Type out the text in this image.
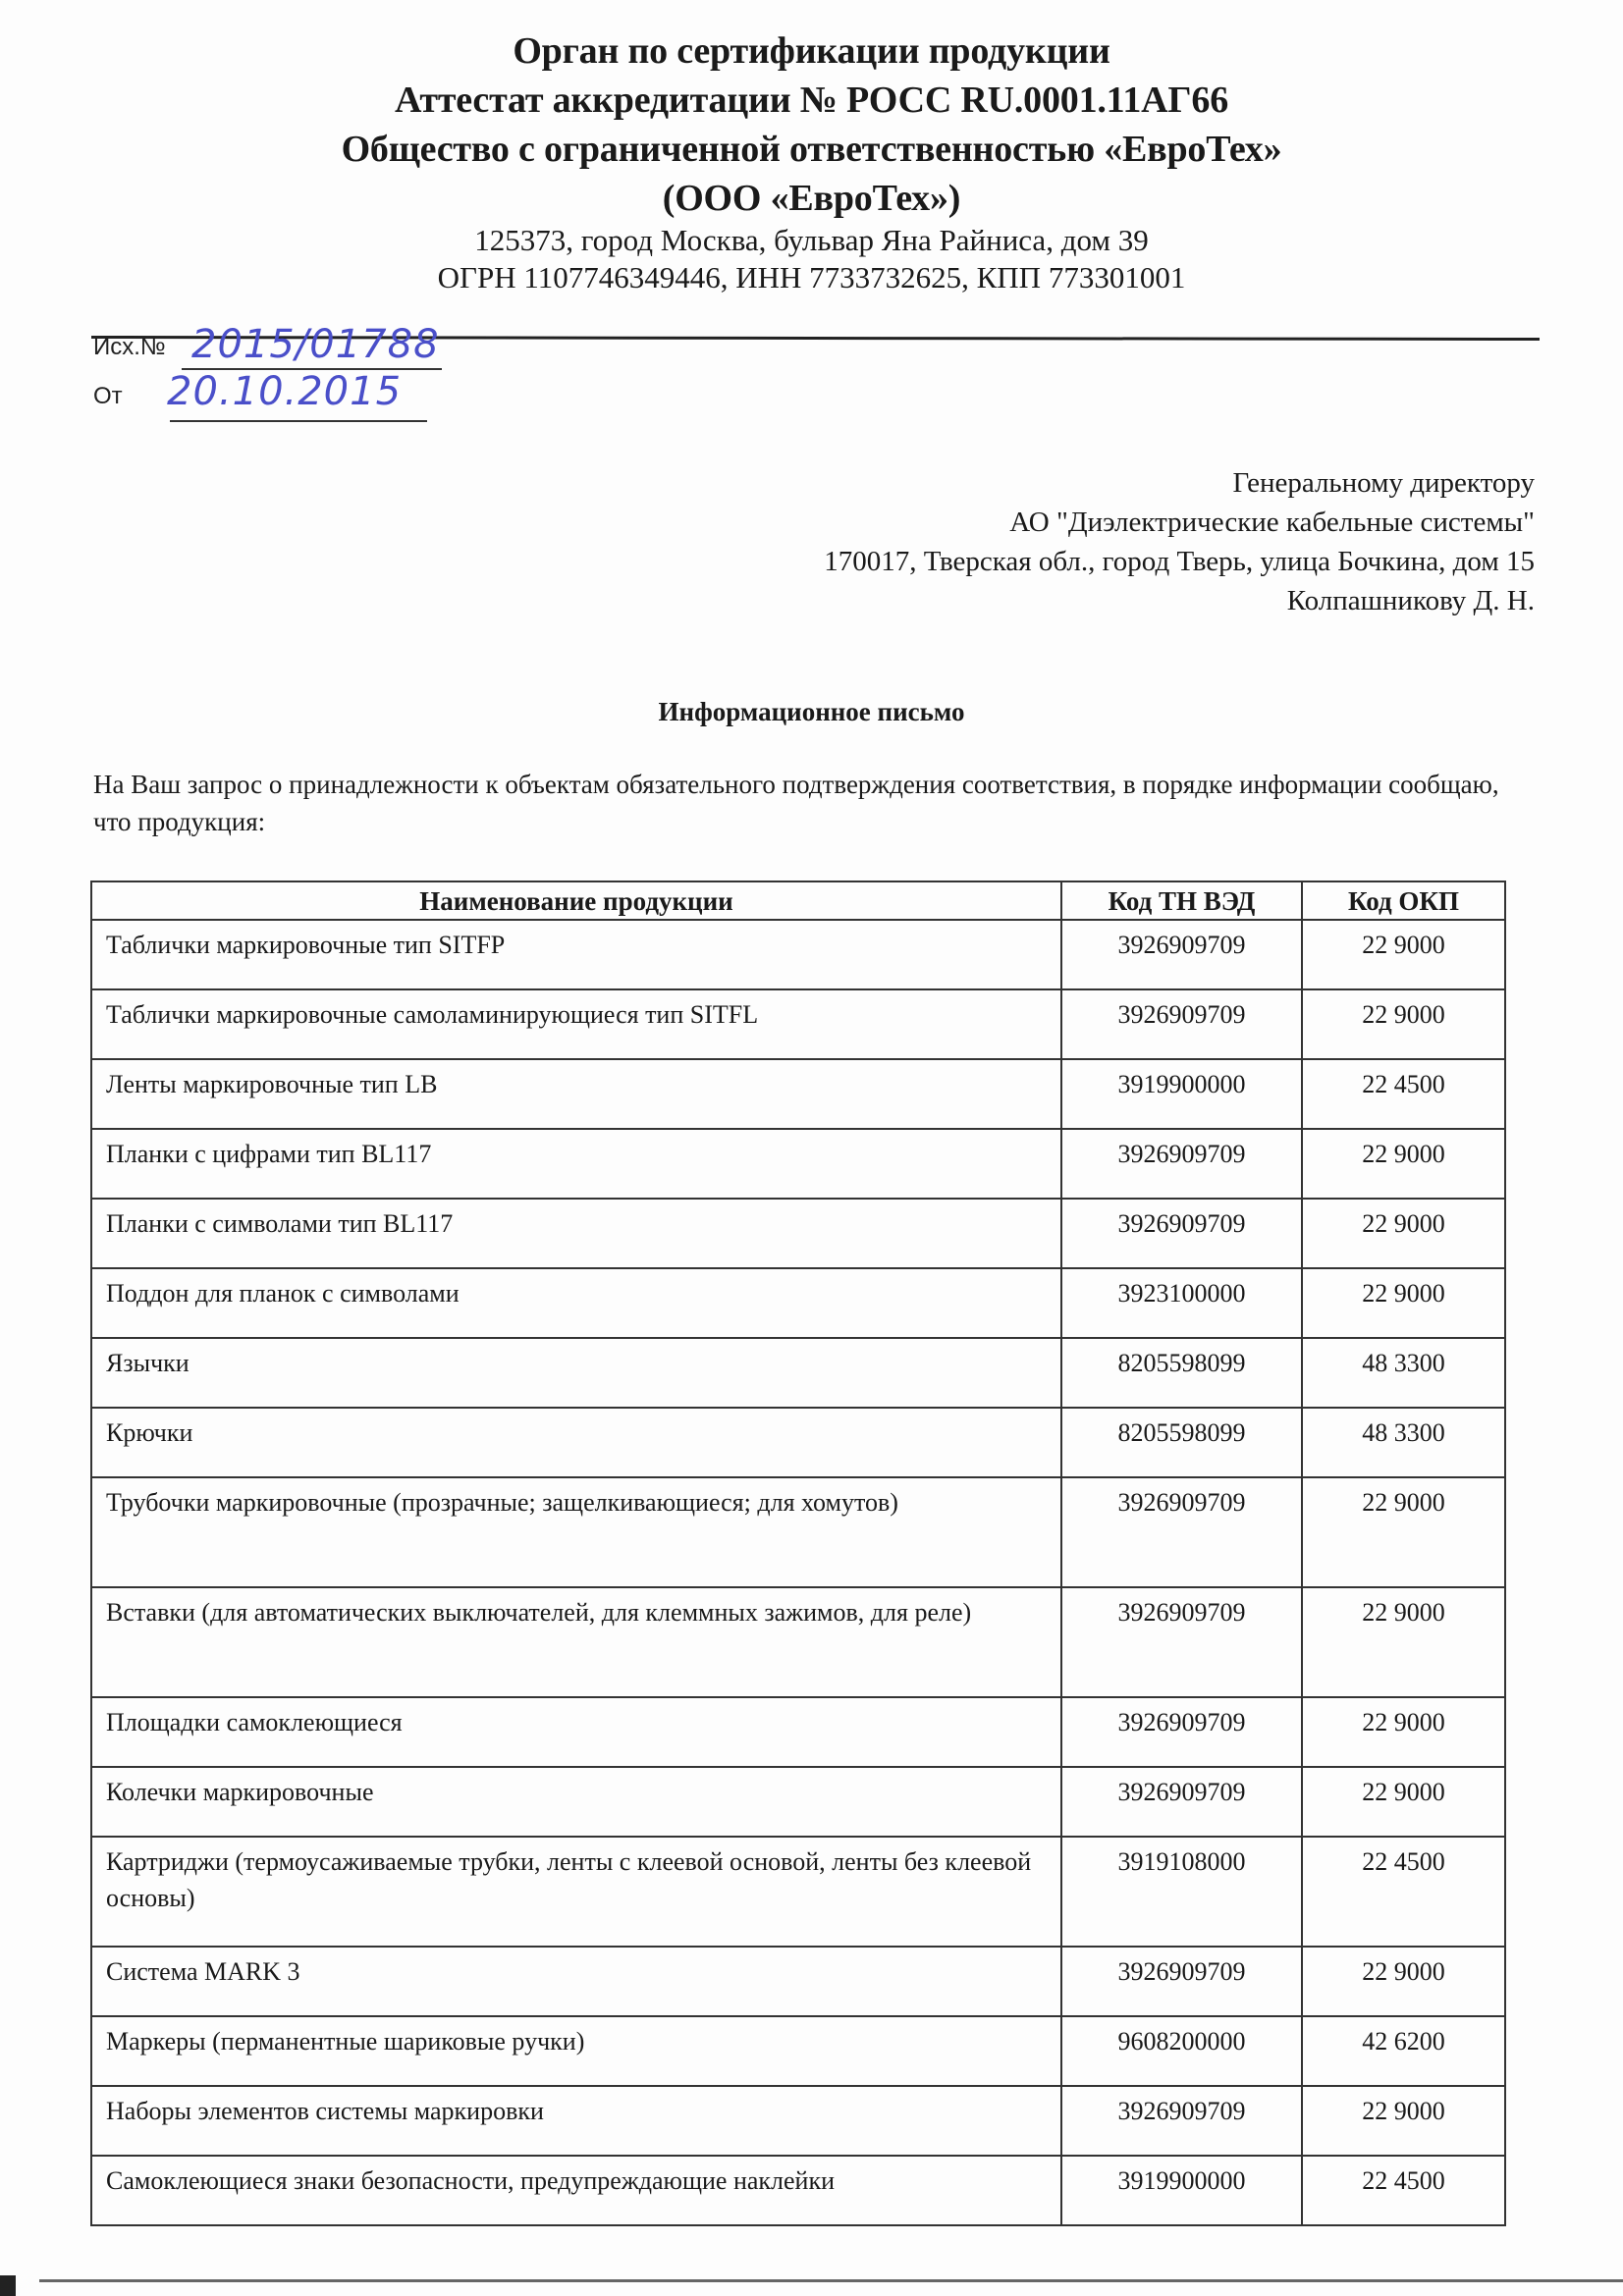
Орган по сертификации продукции
Аттестат аккредитации № РОСС RU.0001.11АГ66
Общество с ограниченной ответственностью «ЕвроТех»
(ООО «ЕвроТех»)
125373, город Москва, бульвар Яна Райниса, дом 39
ОГРН 1107746349446, ИНН 7733732625, КПП 773301001
Исх.№ 2015/01788
От 20.10.2015
Генеральному директору
АО "Диэлектрические кабельные системы"
170017, Тверская обл., город Тверь, улица Бочкина, дом 15
Колпашникову Д. Н.
Информационное письмо
На Ваш запрос о принадлежности к объектам обязательного подтверждения соответствия, в порядке информации сообщаю, что продукция:
Наименование продукции	Код ТН ВЭД	Код ОКП
Таблички маркировочные тип SITFP	3926909709	22 9000
Таблички маркировочные самоламинирующиеся тип SITFL	3926909709	22 9000
Ленты маркировочные тип LB	3919900000	22 4500
Планки с цифрами тип BL117	3926909709	22 9000
Планки с символами тип BL117	3926909709	22 9000
Поддон для планок с символами	3923100000	22 9000
Язычки	8205598099	48 3300
Крючки	8205598099	48 3300
Трубочки маркировочные (прозрачные; защелкивающиеся; для хомутов)	3926909709	22 9000
Вставки (для автоматических выключателей, для клеммных зажимов, для реле)	3926909709	22 9000
Площадки самоклеющиеся	3926909709	22 9000
Колечки маркировочные	3926909709	22 9000
Картриджи (термоусаживаемые трубки, ленты с клеевой основой, ленты без клеевой основы)	3919108000	22 4500
Система MARK 3	3926909709	22 9000
Маркеры (перманентные шариковые ручки)	9608200000	42 6200
Наборы элементов системы маркировки	3926909709	22 9000
Самоклеющиеся знаки безопасности, предупреждающие наклейки	3919900000	22 4500
